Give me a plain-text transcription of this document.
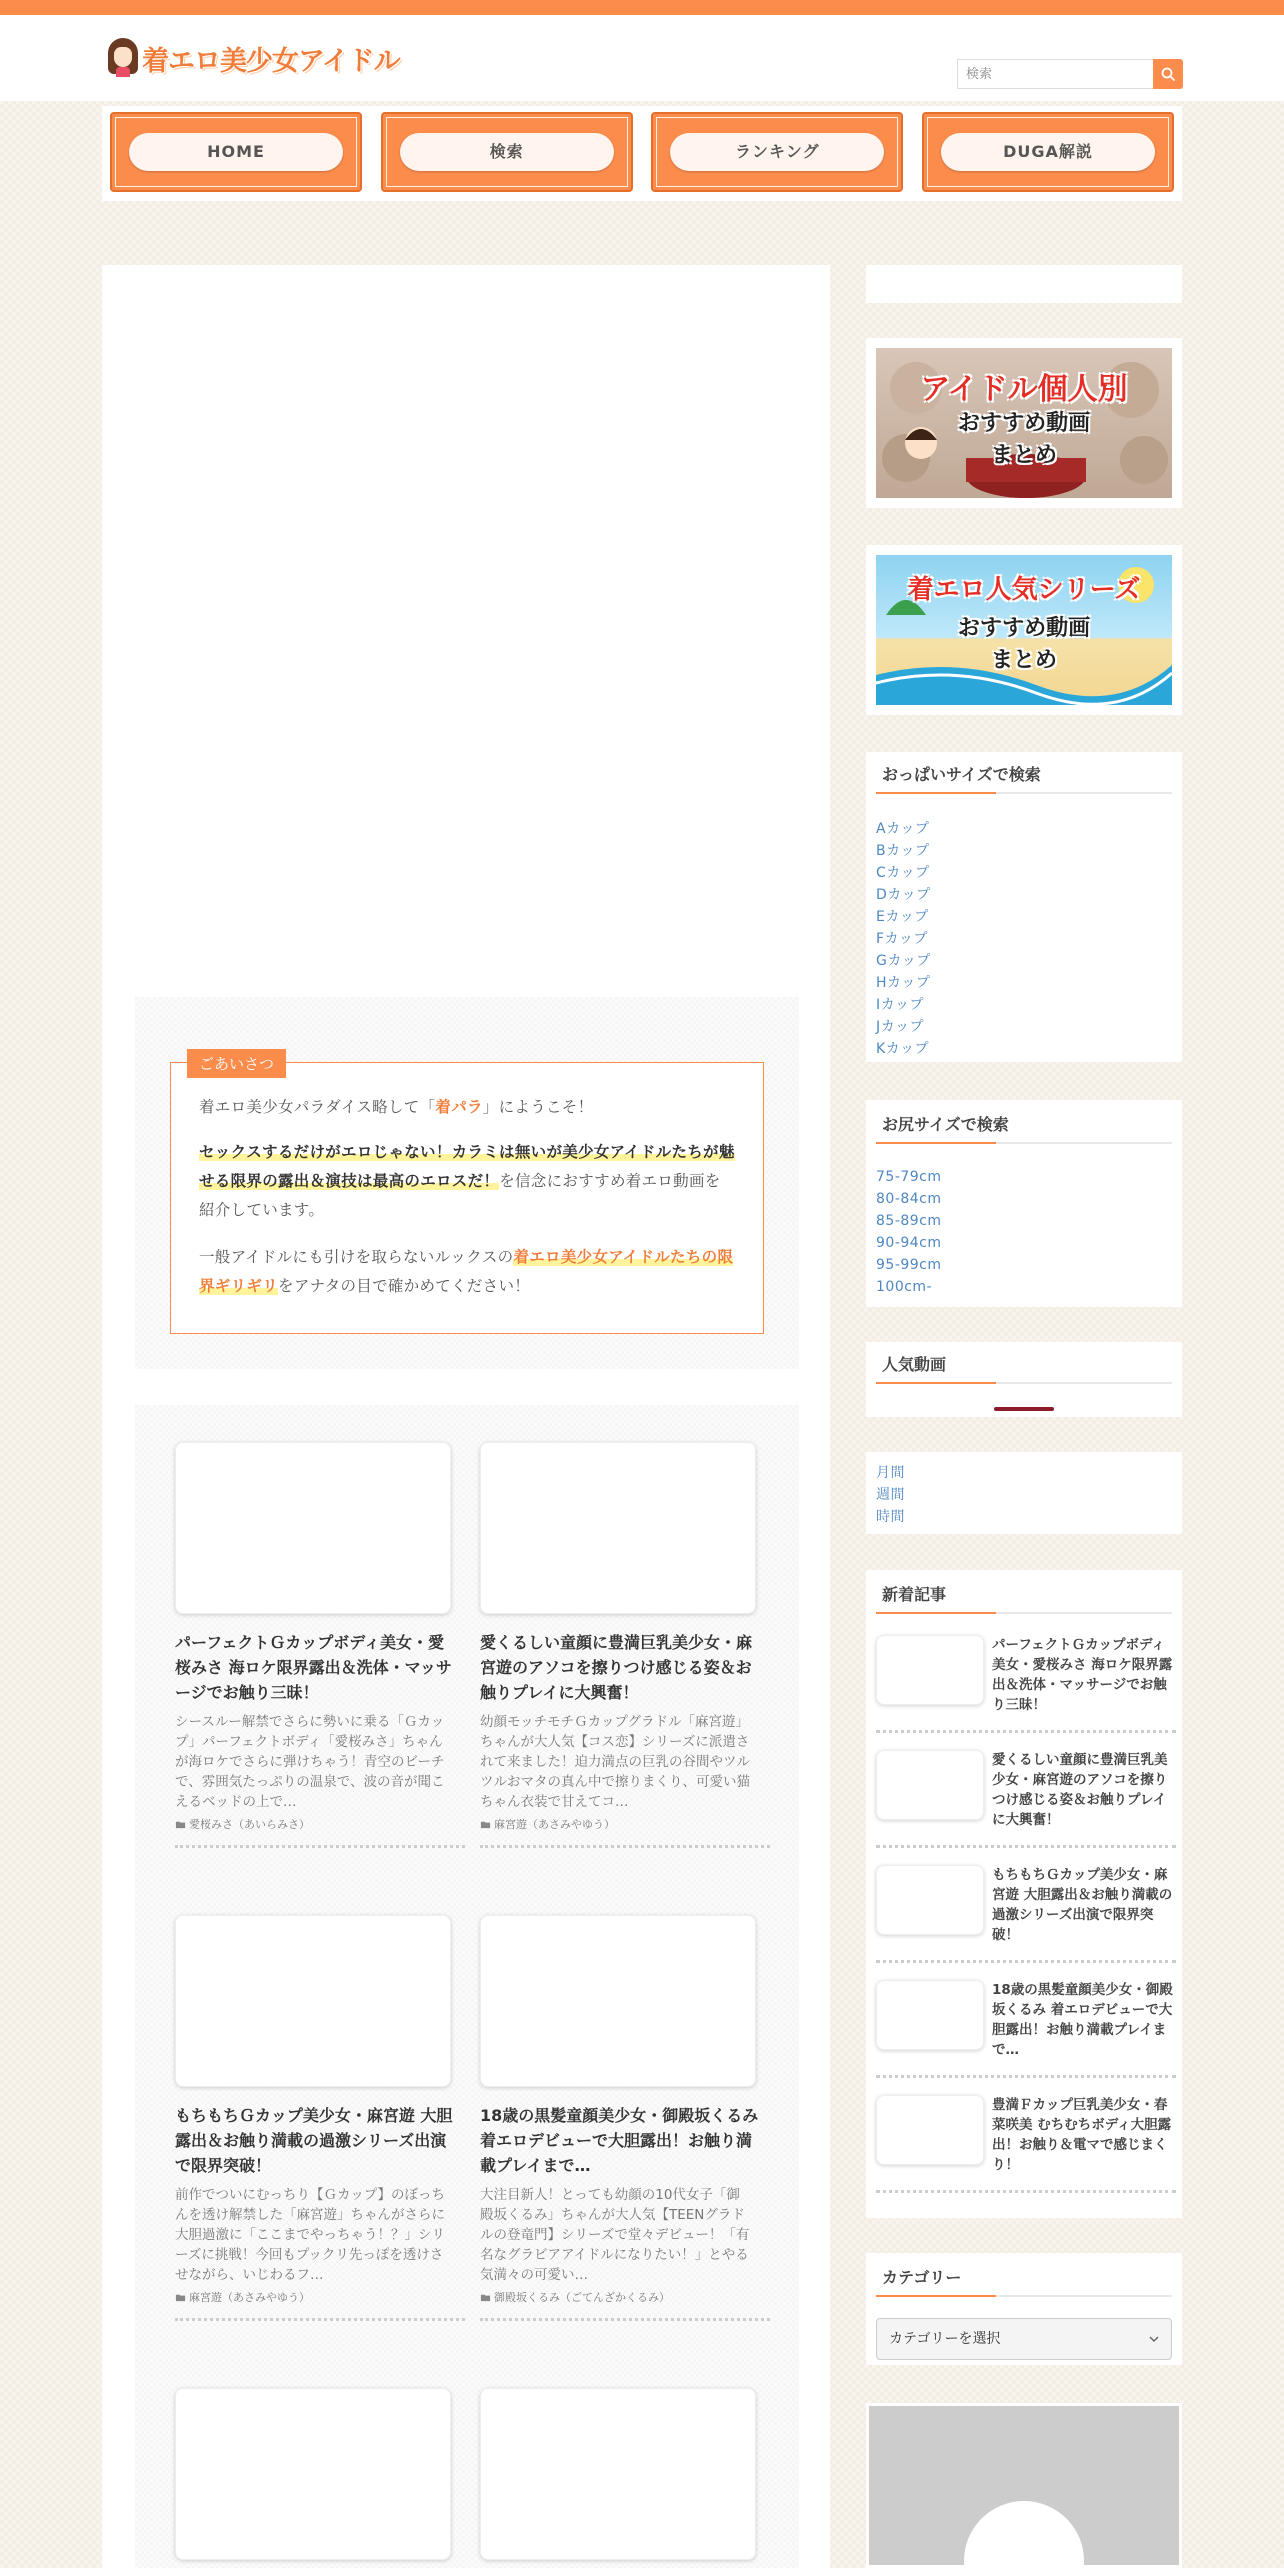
着エロ美少女アイドル
検索
HOME	検索	ランキング	DUGA解説
ごあいさつ

着エロ美少女パラダイス略して「着パラ」にようこそ！

セックスするだけがエロじゃない！カラミは無いが美少女アイドルたちが魅せる限界の露出＆演技は最高のエロスだ！を信念におすすめ着エロ動画を紹介しています。

一般アイドルにも引けを取らないルックスの着エロ美少女アイドルたちの限界ギリギリをアナタの目で確かめてください！

パーフェクトＧカップボディ美女・愛桜みさ 海ロケ限界露出＆洗体・マッサージでお触り三昧！
シースルー解禁でさらに勢いに乗る「Ｇカップ」パーフェクトボディ「愛桜みさ」ちゃんが海ロケでさらに弾けちゃう！青空のビーチで、雰囲気たっぷりの温泉で、波の音が聞こえるベッドの上で…
愛桜みさ（あいらみさ）
愛くるしい童顔に豊満巨乳美少女・麻宮遊のアソコを擦りつけ感じる姿＆お触りプレイに大興奮！
幼顔モッチモチＧカップグラドル「麻宮遊」ちゃんが大人気【コス恋】シリーズに派遣されて来ました！迫力満点の巨乳の谷間やツルツルおマタの真ん中で擦りまくり、可愛い猫ちゃん衣装で甘えてコ…
麻宮遊（あさみやゆう）
もちもちＧカップ美少女・麻宮遊 大胆露出＆お触り満載の過激シリーズ出演で限界突破！
前作でついにむっちり【Ｇカップ】のぼっちんを透け解禁した「麻宮遊」ちゃんがさらに大胆過激に「ここまでやっちゃう！？」シリーズに挑戦！今回もプックリ先っぽを透けさせながら、いじわるフ…
麻宮遊（あさみやゆう）
18歳の黒髪童顔美少女・御殿坂くるみ 着エロデビューで大胆露出！お触り満載プレイまで…
大注目新人！とっても幼顔の10代女子「御殿坂くるみ」ちゃんが大人気【TEENグラドルの登竜門】シリーズで堂々デビュー！「有名なグラビアアイドルになりたい！」とやる気満々の可愛い…
御殿坂くるみ（ごてんざかくるみ）
アイドル個人別
おすすめ動画
まとめ
着エロ人気シリーズ
おすすめ動画
まとめ
おっぱいサイズで検索
Aカップ
Bカップ
Cカップ
Dカップ
Eカップ
Fカップ
Gカップ
Hカップ
Iカップ
Jカップ
Kカップ
お尻サイズで検索
75-79cm
80-84cm
85-89cm
90-94cm
95-99cm
100cm-
人気動画
月間
週間
時間
新着記事
パーフェクトＧカップボディ美女・愛桜みさ 海ロケ限界露出＆洗体・マッサージでお触り三昧！
愛くるしい童顔に豊満巨乳美少女・麻宮遊のアソコを擦りつけ感じる姿＆お触りプレイに大興奮！
もちもちＧカップ美少女・麻宮遊 大胆露出＆お触り満載の過激シリーズ出演で限界突破！
18歳の黒髪童顔美少女・御殿坂くるみ 着エロデビューで大胆露出！お触り満載プレイまで…
豊満Ｆカップ巨乳美少女・春菜咲美 むちむちボディ大胆露出！お触り＆電マで感じまくり！
カテゴリー
カテゴリーを選択
